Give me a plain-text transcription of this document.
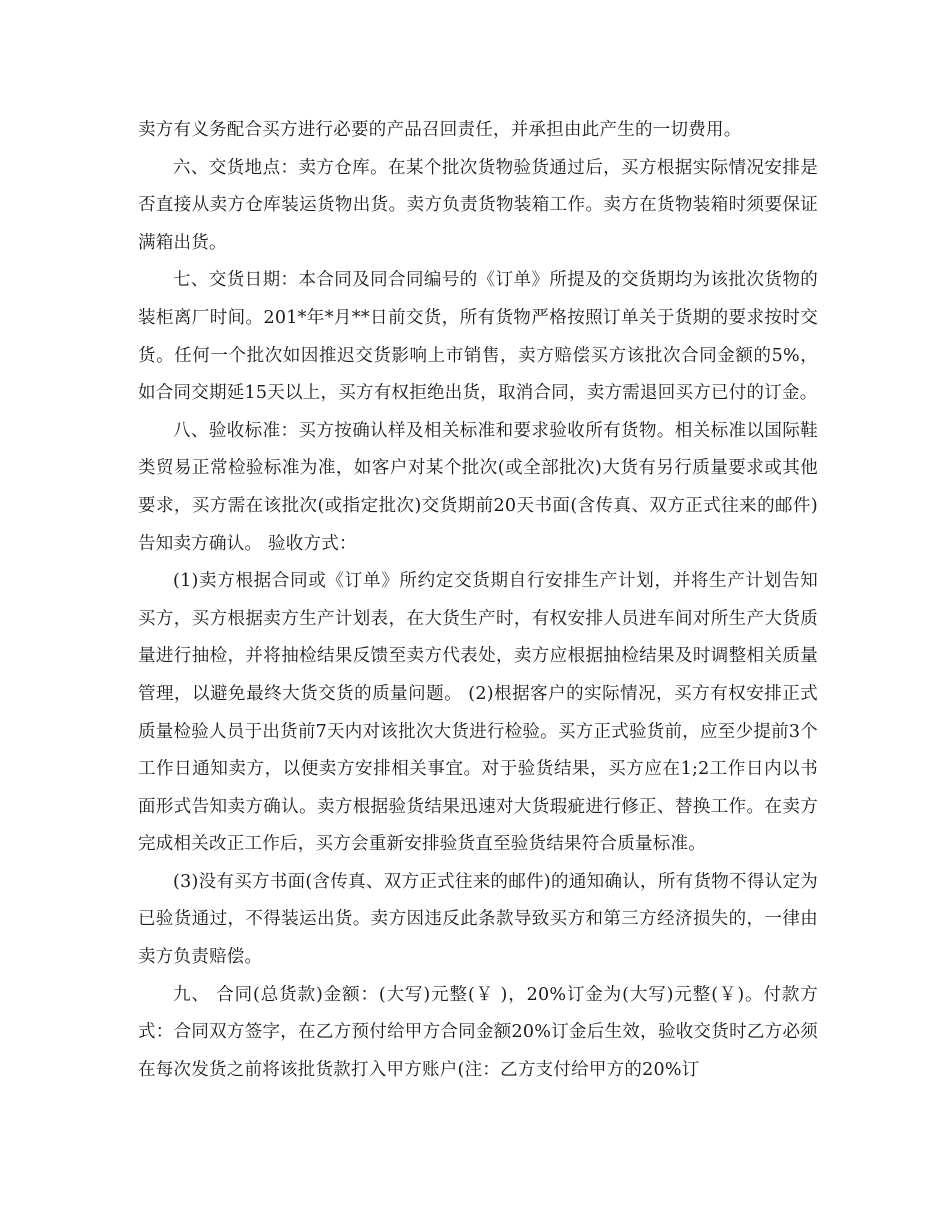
卖方有义务配合买方进行必要的产品召回责任，并承担由此产生的一切费用。

六、交货地点：卖方仓库。在某个批次货物验货通过后，买方根据实际情况安排是否直接从卖方仓库装运货物出货。卖方负责货物装箱工作。卖方在货物装箱时须要保证满箱出货。

七、交货日期：本合同及同合同编号的《订单》所提及的交货期均为该批次货物的装柜离厂时间。201*年*月**日前交货，所有货物严格按照订单关于货期的要求按时交货。任何一个批次如因推迟交货影响上市销售，卖方赔偿买方该批次合同金额的5%，如合同交期延15天以上，买方有权拒绝出货，取消合同，卖方需退回买方已付的订金。

八、验收标准：买方按确认样及相关标准和要求验收所有货物。相关标准以国际鞋类贸易正常检验标准为准，如客户对某个批次(或全部批次)大货有另行质量要求或其他要求，买方需在该批次(或指定批次)交货期前20天书面(含传真、双方正式往来的邮件)告知卖方确认。 验收方式：

(1)卖方根据合同或《订单》所约定交货期自行安排生产计划，并将生产计划告知买方，买方根据卖方生产计划表，在大货生产时，有权安排人员进车间对所生产大货质量进行抽检，并将抽检结果反馈至卖方代表处，卖方应根据抽检结果及时调整相关质量管理，以避免最终大货交货的质量问题。 (2)根据客户的实际情况，买方有权安排正式质量检验人员于出货前7天内对该批次大货进行检验。买方正式验货前，应至少提前3个工作日通知卖方，以便卖方安排相关事宜。对于验货结果，买方应在1;2工作日内以书面形式告知卖方确认。卖方根据验货结果迅速对大货瑕疵进行修正、替换工作。在卖方完成相关改正工作后，买方会重新安排验货直至验货结果符合质量标准。

(3)没有买方书面(含传真、双方正式往来的邮件)的通知确认，所有货物不得认定为已验货通过，不得装运出货。卖方因违反此条款导致买方和第三方经济损失的，一律由卖方负责赔偿。

九、 合同(总货款)金额：(大写)元整(￥ )，20%订金为(大写)元整(￥)。付款方式：合同双方签字，在乙方预付给甲方合同金额20%订金后生效，验收交货时乙方必须在每次发货之前将该批货款打入甲方账户(注：乙方支付给甲方的20%订
